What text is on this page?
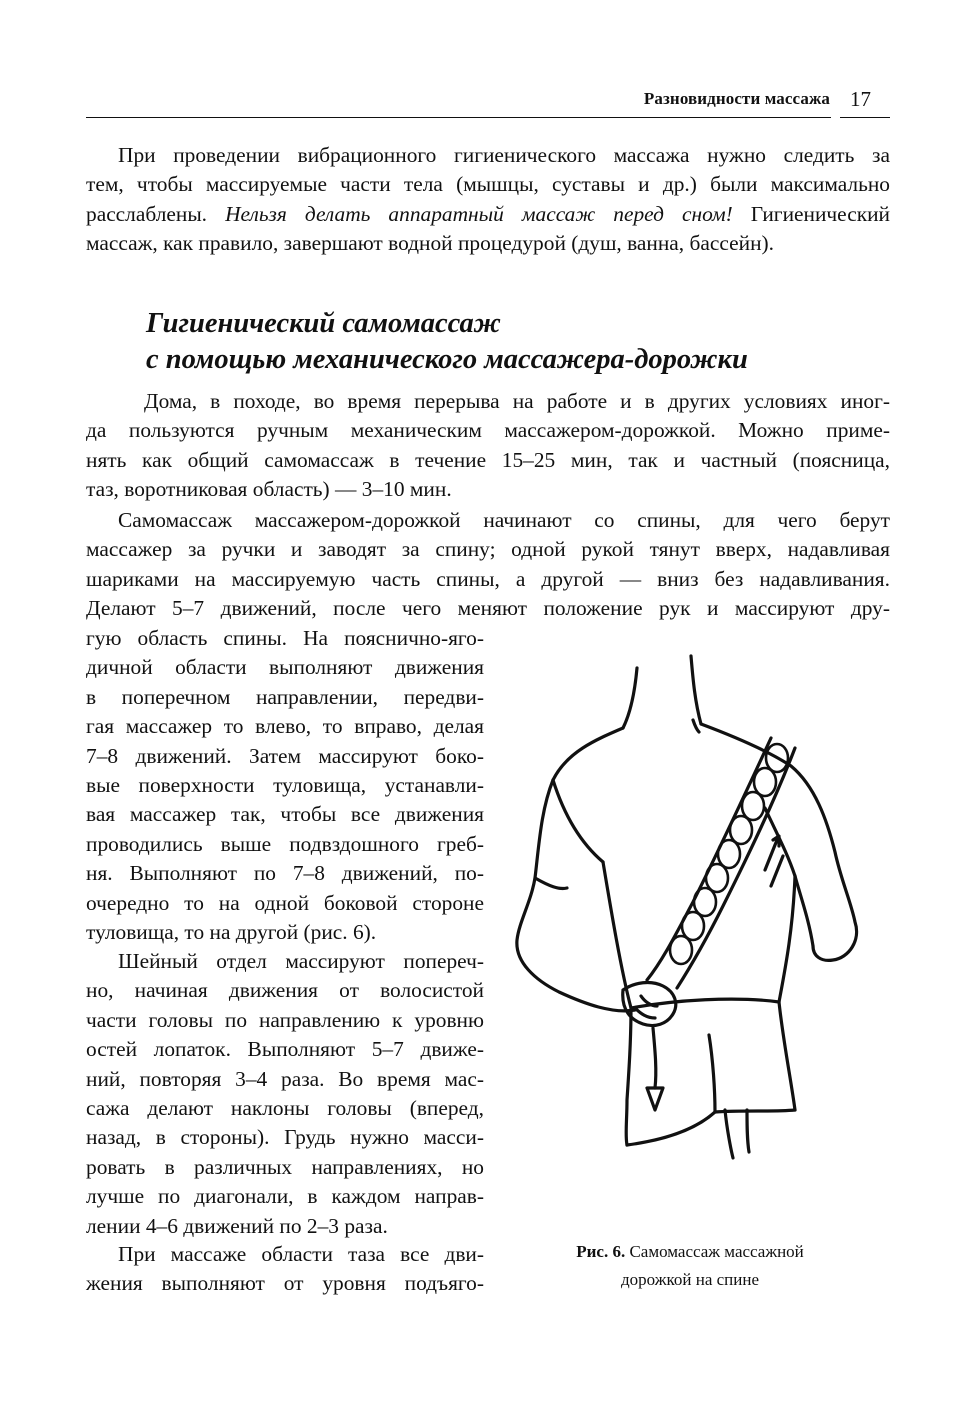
Разновидности массажа 17
При проведении вибрационного гигиенического массажа нужно следить за
тем, чтобы массируемые части тела (мышцы, суставы и др.) были максимально
расслаблены. Нельзя делать аппаратный массаж перед сном! Гигиенический
массаж, как правило, завершают водной процедурой (душ, ванна, бассейн).
Гигиенический самомассаж
с помощью механического массажера-дорожки
Дома, в походе, во время перерыва на работе и в других условиях иног-
да пользуются ручным механическим массажером-дорожкой. Можно приме-
нять как общий самомассаж в течение 15–25 мин, так и частный (поясница,
таз, воротниковая область) — 3–10 мин.
Самомассаж массажером-дорожкой начинают со спины, для чего берут
массажер за ручки и заводят за спину; одной рукой тянут вверх, надавливая
шариками на массируемую часть спины, а другой — вниз без надавливания.
Делают 5–7 движений, после чего меняют положение рук и массируют дру-
гую область спины. На пояснично-яго-
дичной области выполняют движения
в поперечном направлении, передви-
гая массажер то влево, то вправо, делая
7–8 движений. Затем массируют боко-
вые поверхности туловища, устанавли-
вая массажер так, чтобы все движения
проводились выше подвздошного греб-
ня. Выполняют по 7–8 движений, по-
очередно то на одной боковой стороне
туловища, то на другой (рис. 6).
Шейный отдел массируют попереч-
но, начиная движения от волосистой
части головы по направлению к уровню
остей лопаток. Выполняют 5–7 движе-
ний, повторяя 3–4 раза. Во время мас-
сажа делают наклоны головы (вперед,
назад, в стороны). Грудь нужно масси-
ровать в различных направлениях, но
лучше по диагонали, в каждом направ-
лении 4–6 движений по 2–3 раза.
При массаже области таза все дви-
жения выполняют от уровня подъяго-
Рис. 6. Самомассаж массажной
дорожкой на спине
